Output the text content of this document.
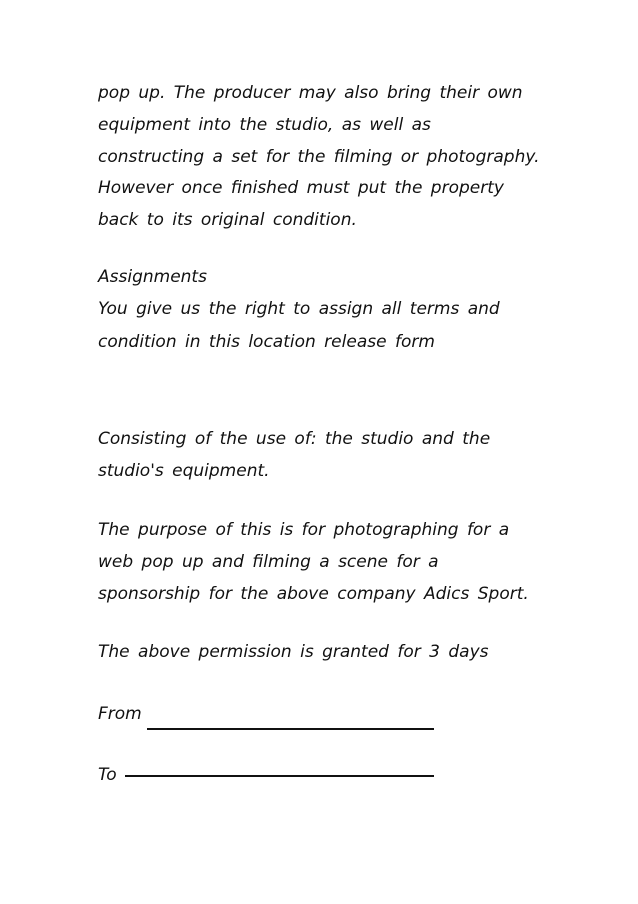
pop up. The producer may also bring their own
equipment into the studio, as well as
constructing a set for the filming or photography.
However once finished must put the property
back to its original condition.
Assignments
You give us the right to assign all terms and
condition in this location release form
Consisting of the use of: the studio and the
studio's equipment.
The purpose of this is for photographing for a
web pop up and filming a scene for a
sponsorship for the above company Adics Sport.
The above permission is granted for 3 days
From
To
